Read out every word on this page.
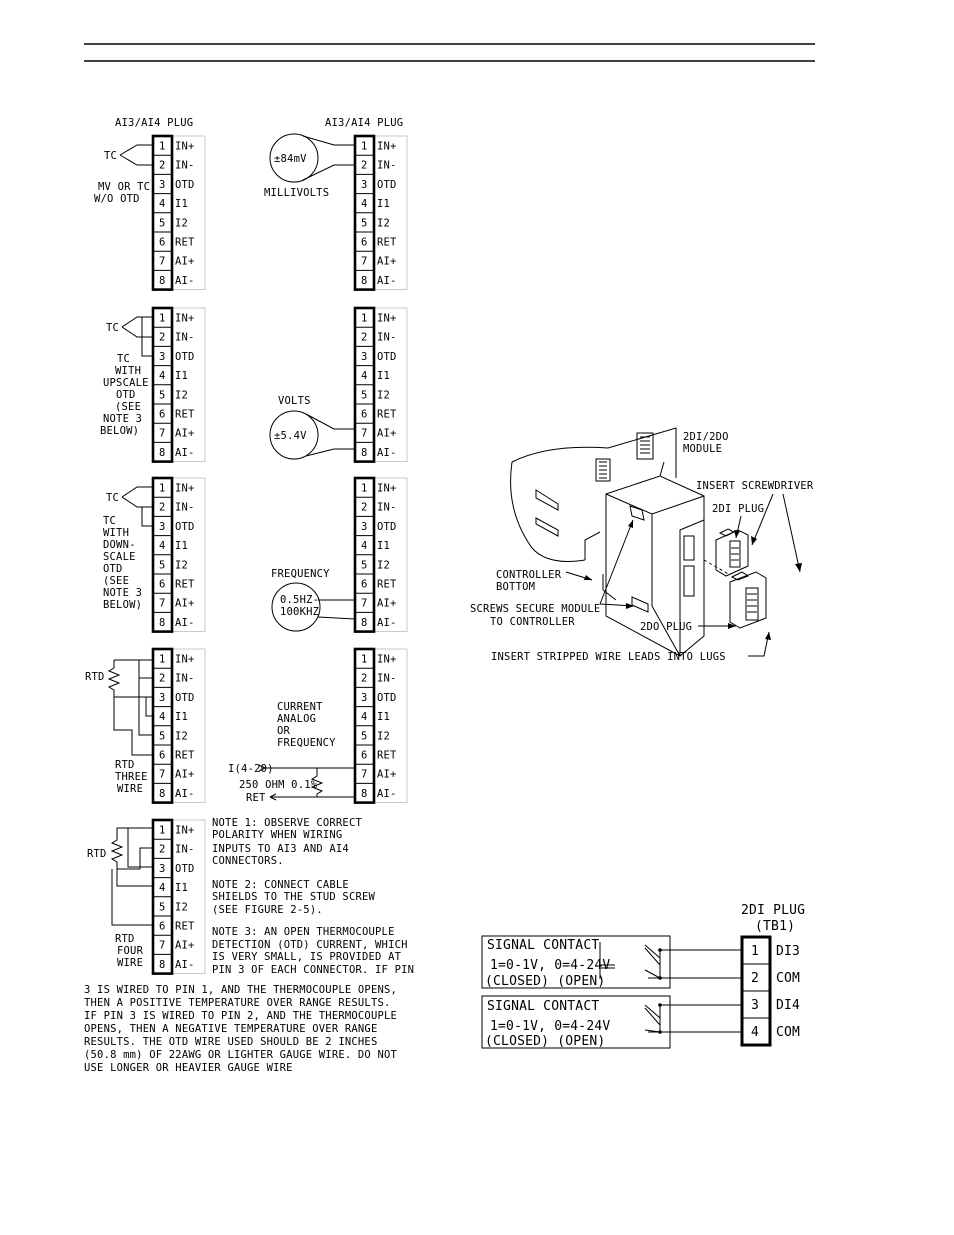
1 IN+
2 IN-
3 OTD
4 I1
5 I2
6 RET
7 AI+
8 AI-
1 IN+
2 IN-
3 OTD
4 I1
5 I2
6 RET
7 AI+
8 AI-
1 IN+
2 IN-
3 OTD
4 I1
5 I2
6 RET
7 AI+
8 AI-
1 IN+
2 IN-
3 OTD
4 I1
5 I2
6 RET
7 AI+
8 AI-
1 IN+
2 IN-
3 OTD
4 I1
5 I2
6 RET
7 AI+
8 AI-
1 IN+
2 IN-
3 OTD
4 I1
5 I2
6 RET
7 AI+
8 AI-
1 IN+
2 IN-
3 OTD
4 I1
5 I2
6 RET
7 AI+
8 AI-
1 IN+
2 IN-
3 OTD
4 I1
5 I2
6 RET
7 AI+
8 AI-
1 IN+
2 IN-
3 OTD
4 I1
5 I2
6 RET
7 AI+
8 AI-
AI3/AI4 PLUG	AI3/AI4 PLUG
TC
MV OR TC
W/O OTD
TC
TC
WITH
UPSCALE
OTD
(SEE
NOTE 3
BELOW)
TC
TC
WITH
DOWN-
SCALE
OTD
(SEE
NOTE 3
BELOW)
RTD
RTD
THREE
WIRE
RTD
RTD
FOUR
WIRE
±84mV
MILLIVOLTS
VOLTS
±5.4V
FREQUENCY
0.5HZ-
100KHZ
CURRENT
ANALOG
OR
FREQUENCY
I(4-20)
250 OHM 0.1%
RET
NOTE 1: OBSERVE CORRECT
POLARITY WHEN WIRING
INPUTS TO AI3 AND AI4
CONNECTORS.
NOTE 2: CONNECT CABLE
SHIELDS TO THE STUD SCREW
(SEE FIGURE 2-5).
NOTE 3: AN OPEN THERMOCOUPLE
DETECTION (OTD) CURRENT, WHICH
IS VERY SMALL, IS PROVIDED AT
PIN 3 OF EACH CONNECTOR. IF PIN
3 IS WIRED TO PIN 1, AND THE THERMOCOUPLE OPENS,
THEN A POSITIVE TEMPERATURE OVER RANGE RESULTS.
IF PIN 3 IS WIRED TO PIN 2, AND THE THERMOCOUPLE
OPENS, THEN A NEGATIVE TEMPERATURE OVER RANGE
RESULTS. THE OTD WIRE USED SHOULD BE 2 INCHES
(50.8 mm) OF 22AWG OR LIGHTER GAUGE WIRE. DO NOT
USE LONGER OR HEAVIER GAUGE WIRE
2DI/2DO
MODULE
INSERT SCREWDRIVER
2DI PLUG
CONTROLLER
BOTTOM
SCREWS SECURE MODULE
TO CONTROLLER	2DO PLUG
INSERT STRIPPED WIRE LEADS INTO LUGS
2DI PLUG
(TB1)
1
2
3
4
DI3
COM
DI4
COM
SIGNAL CONTACT
1=0-1V, 0=4-24V
(CLOSED) (OPEN)
SIGNAL CONTACT
1=0-1V, 0=4-24V
(CLOSED) (OPEN)
